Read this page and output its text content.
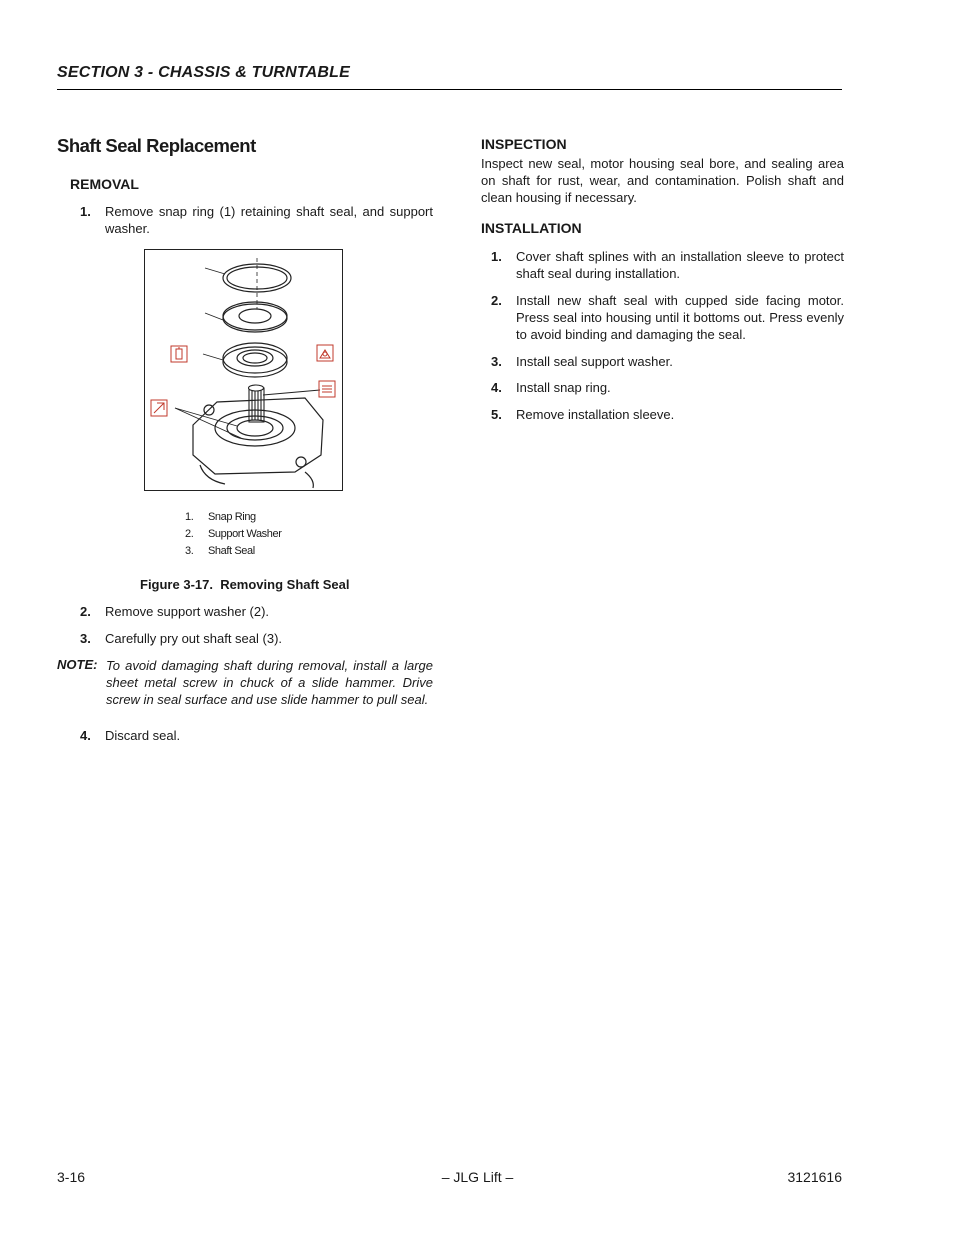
SECTION 3 - CHASSIS & TURNTABLE
Shaft Seal Replacement
REMOVAL
1. Remove snap ring (1) retaining shaft seal, and support washer.
1. Snap Ring
2. Support Washer
3. Shaft Seal
Figure 3-17.  Removing Shaft Seal
2. Remove support washer (2).
3. Carefully pry out shaft seal (3).
NOTE: To avoid damaging shaft during removal, install a large sheet metal screw in chuck of a slide hammer. Drive screw in seal surface and use slide hammer to pull seal.
4. Discard seal.
INSPECTION
Inspect new seal, motor housing seal bore, and sealing area on shaft for rust, wear, and contamination. Polish shaft and clean housing if necessary.
INSTALLATION
1. Cover shaft splines with an installation sleeve to protect shaft seal during installation.
2. Install new shaft seal with cupped side facing motor. Press seal into housing until it bottoms out. Press evenly to avoid binding and damaging the seal.
3. Install seal support washer.
4. Install snap ring.
5. Remove installation sleeve.
3-16	– JLG Lift –	3121616
